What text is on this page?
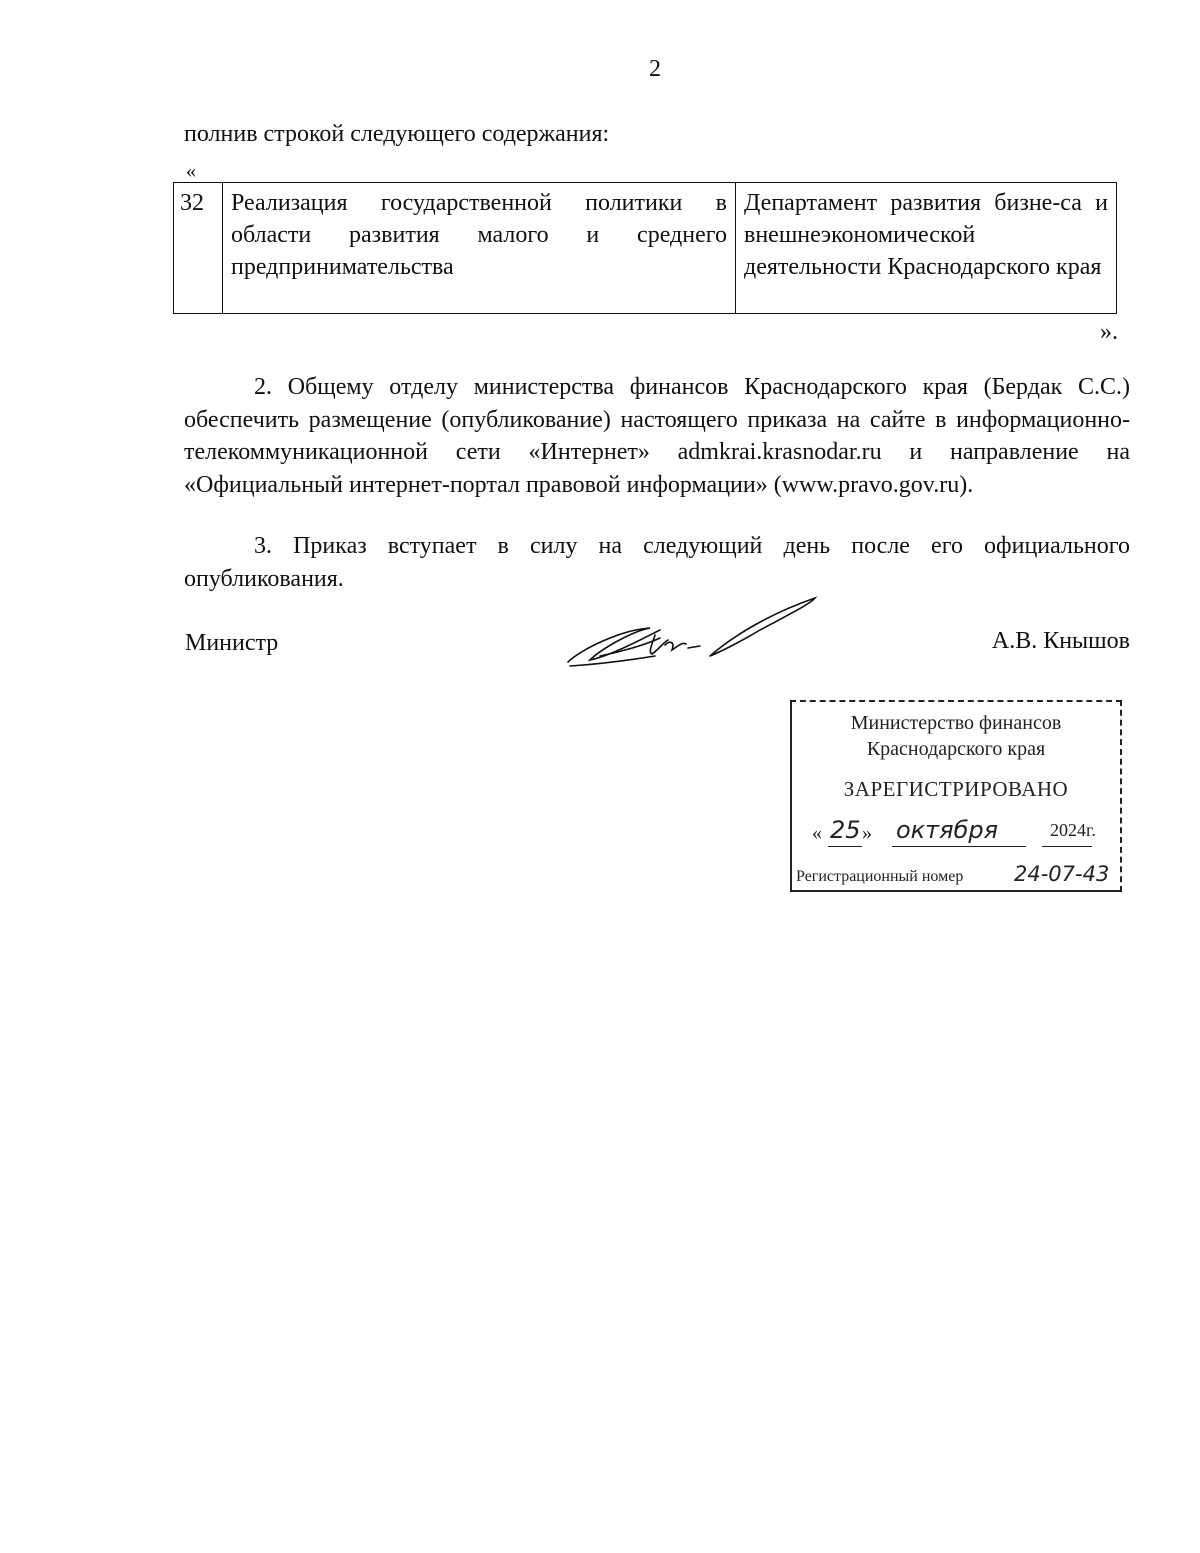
2
полнив строкой следующего содержания:
«
32	Реализация государственной политики в области развития малого и среднего предпринимательства	Департамент развития бизне-са и внешнеэкономической деятельности Краснодарского края
».

2. Общему отделу министерства финансов Краснодарского края (Бердак С.С.) обеспечить размещение (опубликование) настоящего приказа на сайте в информационно-телекоммуникационной сети «Интернет» admkrai.krasnodar.ru и направление на «Официальный интернет-портал правовой информации» (www.pravo.gov.ru).

3. Приказ вступает в силу на следующий день после его официального опубликования.

Министр	А.В. Кнышов
Министерство финансов
Краснодарского края
ЗАРЕГИСТРИРОВАНО
« 25 » октября	2024г.
Регистрационный номер 24-07-43
